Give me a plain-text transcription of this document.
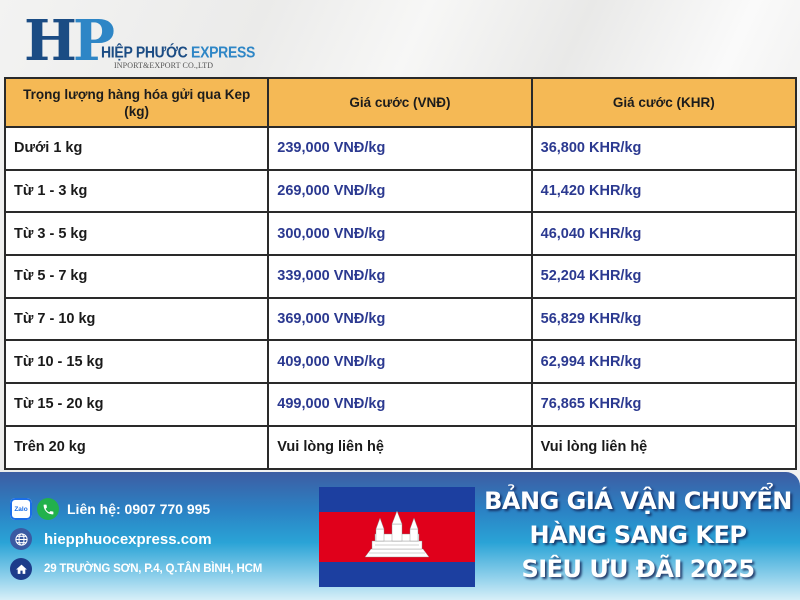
HP
HIỆP PHƯỚC EXPRESS
INPORT&EXPORT CO.,LTD
Trọng lượng hàng hóa gửi qua Kep (kg)	Giá cước (VNĐ)	Giá cước (KHR)
Dưới 1 kg	239,000 VNĐ/kg	36,800 KHR/kg
Từ 1 - 3 kg	269,000 VNĐ/kg	41,420 KHR/kg
Từ 3 - 5 kg	300,000 VNĐ/kg	46,040 KHR/kg
Từ 5 - 7 kg	339,000 VNĐ/kg	52,204 KHR/kg
Từ 7 - 10 kg	369,000 VNĐ/kg	56,829 KHR/kg
Từ 10 - 15 kg	409,000 VNĐ/kg	62,994 KHR/kg
Từ 15 - 20 kg	499,000 VNĐ/kg	76,865 KHR/kg
Trên 20 kg	Vui lòng liên hệ	Vui lòng liên hệ
Zalo	Liên hệ: 0907 770 995
hiepphuocexpress.com
29 TRƯỜNG SƠN, P.4, Q.TÂN BÌNH, HCM
BẢNG GIÁ VẬN CHUYỂN
HÀNG SANG KEP
SIÊU ƯU ĐÃI 2025
